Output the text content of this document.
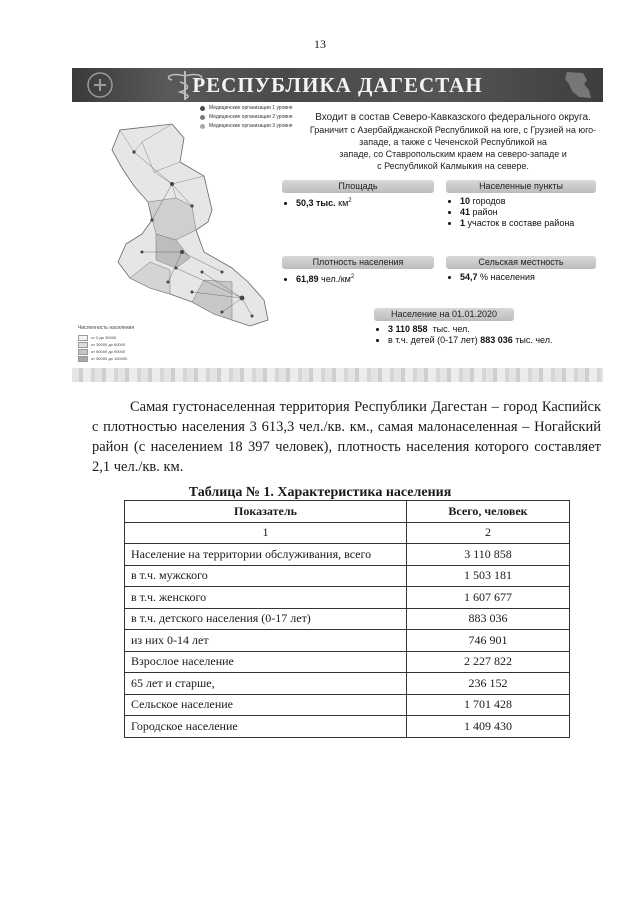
13
РЕСПУБЛИКА ДАГЕСТАН
Медицинские организации 1 уровня
Медицинские организации 2 уровня
Медицинские организации 3 уровня
Численность населения
от 0 до 30000
от 30000 до 60000
от 60000 до 90000
от 90000 до 100000
Входит в состав Северо-Кавказского федерального округа.
Граничит с Азербайджанской Республикой на юге, с Грузией на юго-
западе, а также с Чеченской Республикой на
западе, со Ставропольским краем на северо-западе и
с Республикой Калмыкия на севере.
Площадь
• 50,3 тыс. $км^2$
Населенные пункты
• 10 городов
• 41 район
• 1 участок в составе района
Плотность населения
• 61,89 $чел./км^2$
Сельская местность
• 54,7 % населения
Население на 01.01.2020
• 3 110 858 тыс. чел.
• в т.ч. детей (0-17 лет) 883 036 тыс. чел.
Самая густонаселенная территория Республики Дагестан – город Каспийск с плотностью населения 3 613,3 чел./кв. км., самая малонаселенная – Ногайский район (с населением 18 397 человек), плотность населения которого составляет 2,1 чел./кв. км.
Таблица № 1. Характеристика населения
Показатель	Всего, человек
1	2
Население на территории обслуживания, всего	3 110 858
в т.ч. мужского	1 503 181
в т.ч. женского	1 607 677
в т.ч. детского населения (0-17 лет)	883 036
из них 0-14 лет	746 901
Взрослое население	2 227 822
65 лет и старше,	236 152
Сельское население	1 701 428
Городское население	1 409 430
